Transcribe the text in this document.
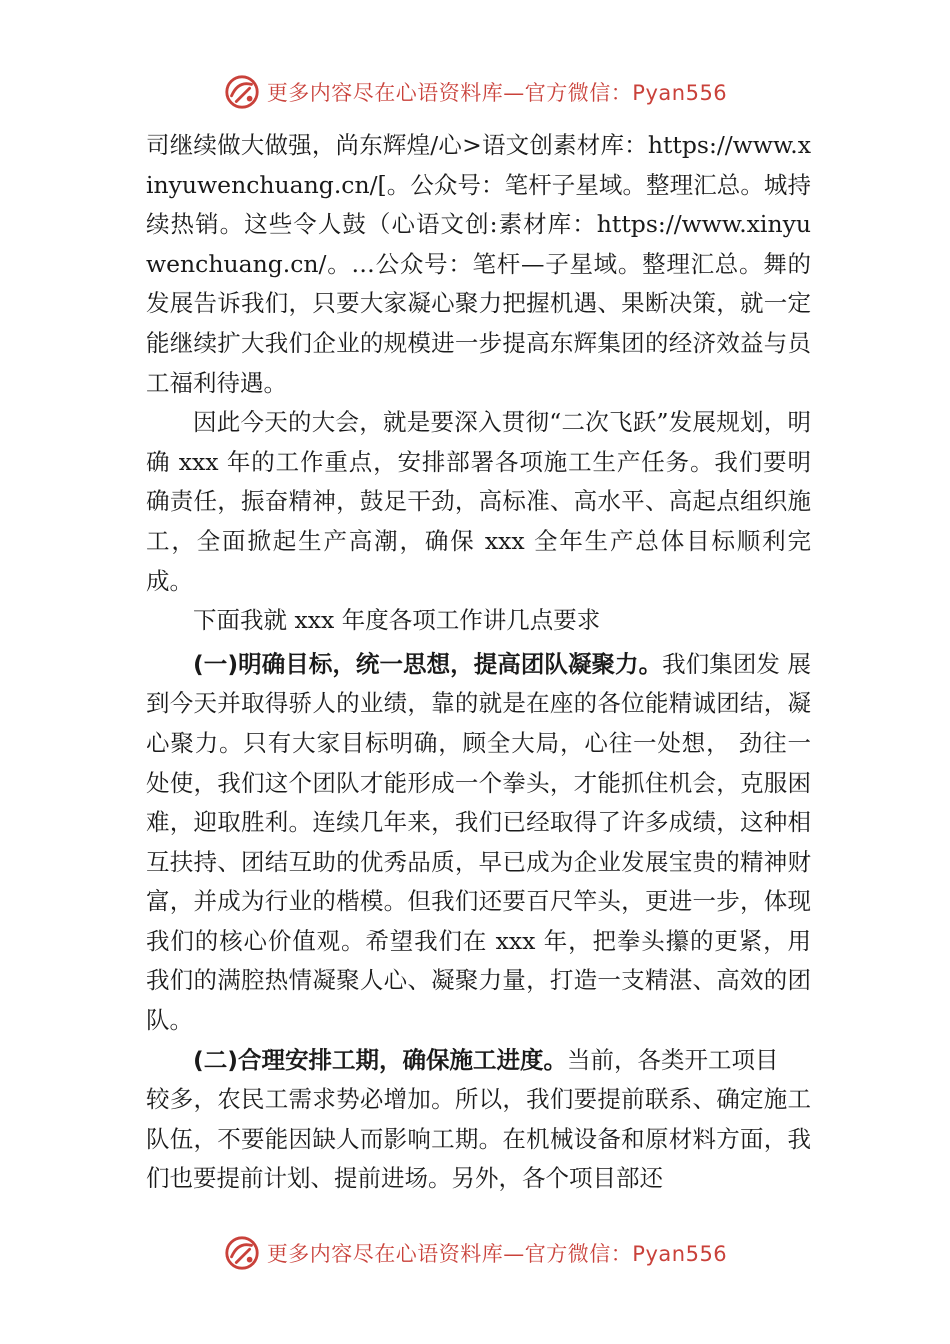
更多内容尽在心语资料库—官方微信：Pyan556

司继续做大做强，尚东辉煌/心>语文创素材库：https://www.xinyuwenchuang.cn/[。公众号：笔杆子星域。整理汇总。城持续热销。这些令人鼓（心语文创:素材库：https://www.xinyuwenchuang.cn/。…公众号：笔杆—子星域。整理汇总。舞的发展告诉我们，只要大家凝心聚力把握机遇、果断决策，就一定能继续扩大我们企业的规模进一步提高东辉集团的经济效益与员工福利待遇。

因此今天的大会，就是要深入贯彻“二次飞跃”发展规划，明确 xxx 年的工作重点，安排部署各项施工生产任务。我们要明确责任，振奋精神，鼓足干劲，高标准、高水平、高起点组织施工，全面掀起生产高潮，确保 xxx 全年生产总体目标顺利完成。

下面我就 xxx 年度各项工作讲几点要求

(一)明确目标，统一思想，提高团队凝聚力。我们集团发 展到今天并取得骄人的业绩，靠的就是在座的各位能精诚团结，凝心聚力。只有大家目标明确，顾全大局，心往一处想， 劲往一处使，我们这个团队才能形成一个拳头，才能抓住机会，克服困难，迎取胜利。连续几年来，我们已经取得了许多成绩，这种相互扶持、团结互助的优秀品质，早已成为企业发展宝贵的精神财富，并成为行业的楷模。但我们还要百尺竿头，更进一步，体现我们的核心价值观。希望我们在 xxx 年，把拳头攥的更紧，用我们的满腔热情凝聚人心、凝聚力量，打造一支精湛、高效的团队。

(二)合理安排工期，确保施工进度。当前，各类开工项目

较多，农民工需求势必增加。所以，我们要提前联系、确定施工队伍，不要能因缺人而影响工期。在机械设备和原材料方面，我们也要提前计划、提前进场。另外，各个项目部还

更多内容尽在心语资料库—官方微信：Pyan556
